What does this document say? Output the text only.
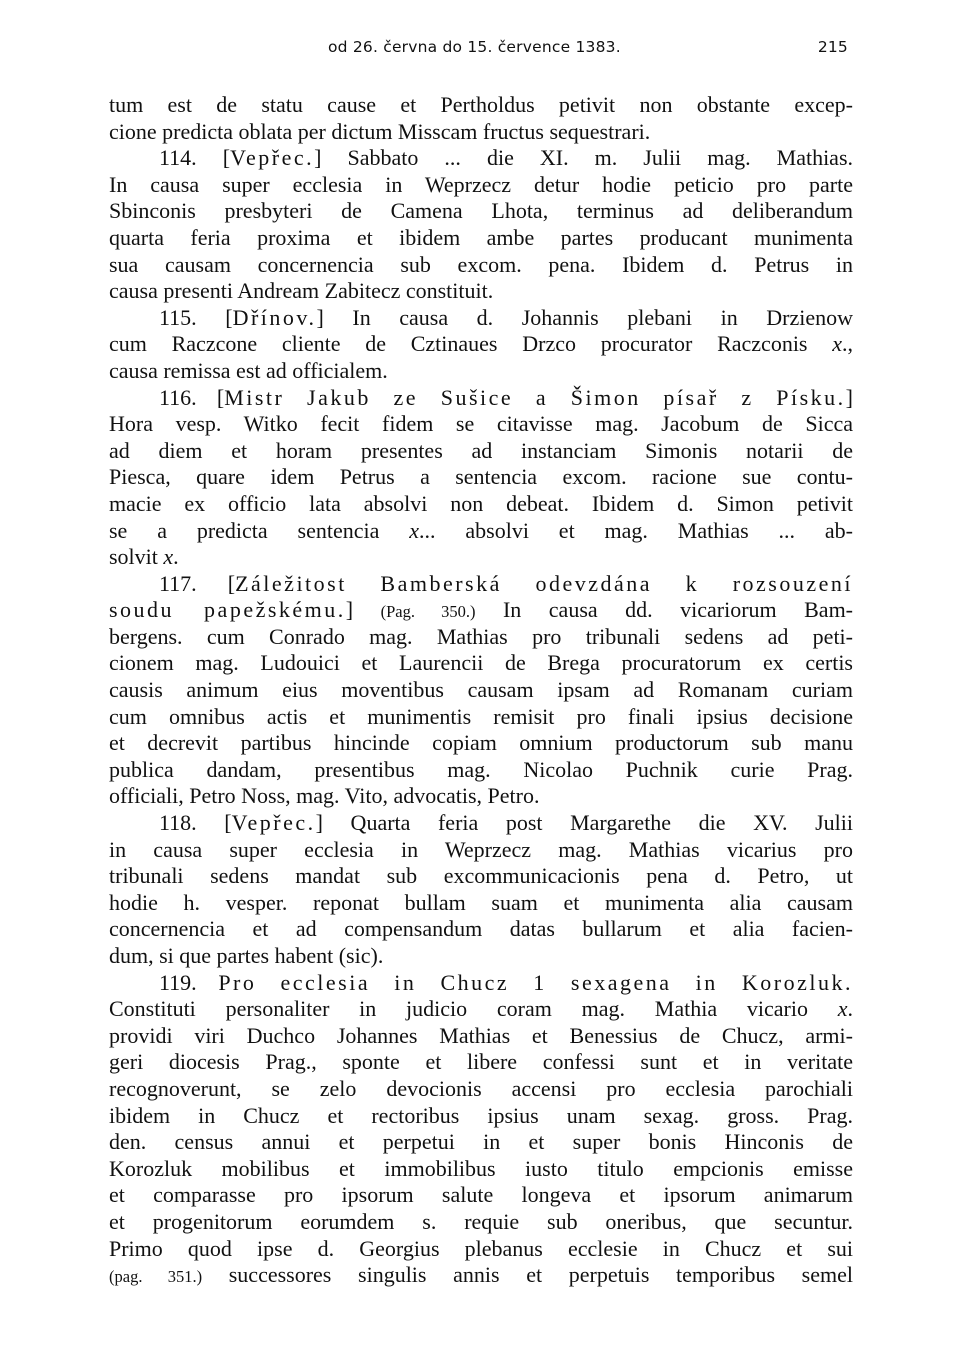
od 26. června do 15. července 1383.	215
tum est de statu cause et Pertholdus petivit non obstante excep-
cione predicta oblata per dictum Misscam fructus sequestrari.
114. [Vepřec.] Sabbato ... die XI. m. Julii mag. Mathias.
In causa super ecclesia in Weprzecz detur hodie peticio pro parte
Sbinconis presbyteri de Camena Lhota, terminus ad deliberandum
quarta feria proxima et ibidem ambe partes producant munimenta
sua causam concernencia sub excom. pena. Ibidem d. Petrus in
causa presenti Andream Zabitecz constituit.
115. [Dřínov.] In causa d. Johannis plebani in Drzienow
cum Raczcone cliente de Cztinaues Drzco procurator Raczconis x.,
causa remissa est ad officialem.
116. [Mistr Jakub ze Sušice a Šimon písař z Písku.]
Hora vesp. Witko fecit fidem se citavisse mag. Jacobum de Sicca
ad diem et horam presentes ad instanciam Simonis notarii de
Piesca, quare idem Petrus a sentencia excom. racione sue contu-
macie ex officio lata absolvi non debeat. Ibidem d. Simon petivit
se a predicta sentencia x... absolvi et mag. Mathias ... ab-
solvit x.
117. [Záležitost Bamberská odevzdána k rozsouzení
soudu papežskému.] (Pag. 350.) In causa dd. vicariorum Bam-
bergens. cum Conrado mag. Mathias pro tribunali sedens ad peti-
cionem mag. Ludouici et Laurencii de Brega procuratorum ex certis
causis animum eius moventibus causam ipsam ad Romanam curiam
cum omnibus actis et munimentis remisit pro finali ipsius decisione
et decrevit partibus hincinde copiam omnium productorum sub manu
publica dandam, presentibus mag. Nicolao Puchnik curie Prag.
officiali, Petro Noss, mag. Vito, advocatis, Petro.
118. [Vepřec.] Quarta feria post Margarethe die XV. Julii
in causa super ecclesia in Weprzecz mag. Mathias vicarius pro
tribunali sedens mandat sub excommunicacionis pena d. Petro, ut
hodie h. vesper. reponat bullam suam et munimenta alia causam
concernencia et ad compensandum datas bullarum et alia facien-
dum, si que partes habent (sic).
119. Pro ecclesia in Chucz 1 sexagena in Korozluk.
Constituti personaliter in judicio coram mag. Mathia vicario x.
providi viri Duchco Johannes Mathias et Benessius de Chucz, armi-
geri diocesis Prag., sponte et libere confessi sunt et in veritate
recognoverunt, se zelo devocionis accensi pro ecclesia parochiali
ibidem in Chucz et rectoribus ipsius unam sexag. gross. Prag.
den. census annui et perpetui in et super bonis Hinconis de
Korozluk mobilibus et immobilibus iusto titulo empcionis emisse
et comparasse pro ipsorum salute longeva et ipsorum animarum
et progenitorum eorumdem s. requie sub oneribus, que secuntur.
Primo quod ipse d. Georgius plebanus ecclesie in Chucz et sui
(pag. 351.) successores singulis annis et perpetuis temporibus semel
